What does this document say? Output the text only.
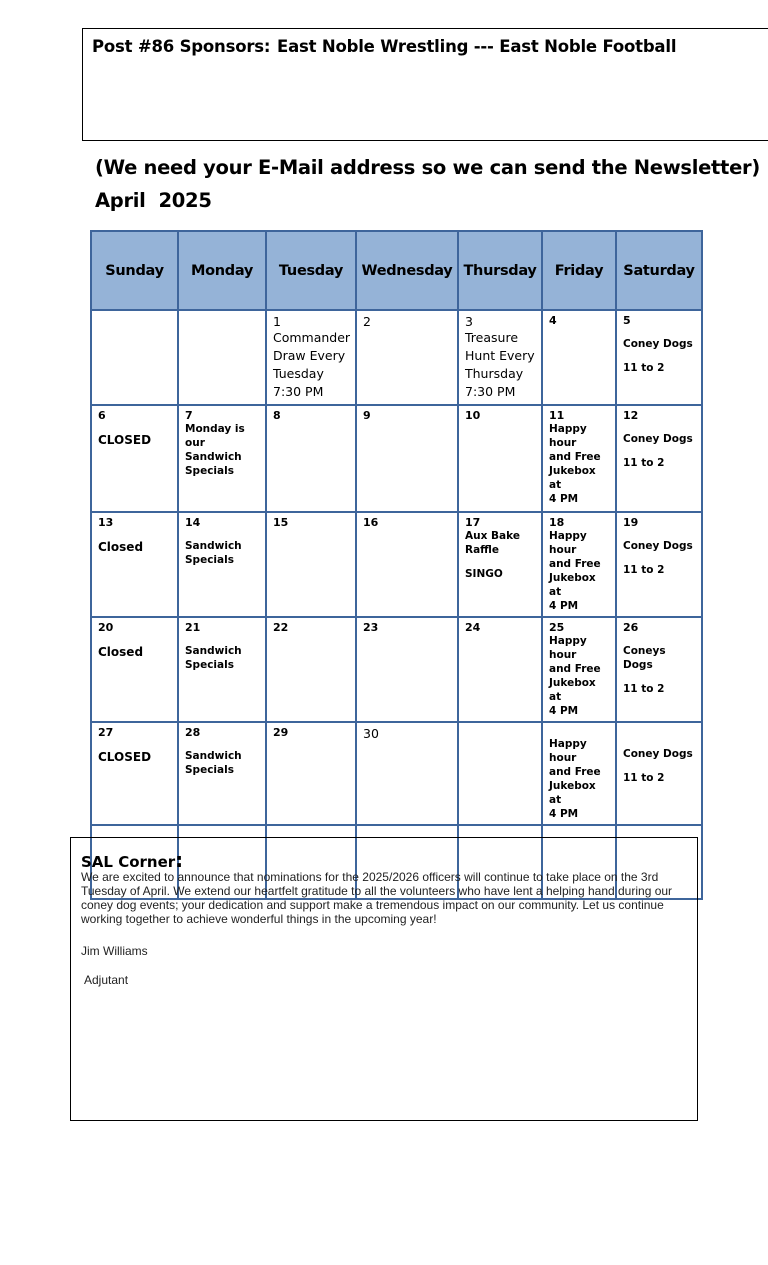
Post #86 Sponsors: East Noble Wrestling --- East Noble Football
(We need your E-Mail address so we can send the Newsletter)
April  2025
Sunday	Monday	Tuesday	Wednesday	Thursday	Friday	Saturday

		1
Commander
Draw Every
Tuesday
7:30 PM	2	3
Treasure
Hunt Every
Thursday
7:30 PM	4	5
Coney Dogs
11 to 2

6
CLOSED	7
Monday is
our Sandwich
Specials	8	9	10	11
Happy hour
and Free
Jukebox at
4 PM	12
Coney Dogs
11 to 2

13
Closed	14
Sandwich
Specials	15	16	17
Aux Bake
Raffle
SINGO	18
Happy hour
and Free
Jukebox at
4 PM	19
Coney Dogs
11 to 2

20
Closed	21
Sandwich
Specials	22	23	24	25
Happy hour
and Free
Jukebox at
4 PM	26
Coneys Dogs
11 to 2

27
CLOSED	28
Sandwich
Specials	29	30		Happy hour
and Free
Jukebox at
4 PM	Coney Dogs
11 to 2

SAL Corner:
We are excited to announce that nominations for the 2025/2026 officers will continue to take place on the 3rd Tuesday of April. We extend our heartfelt gratitude to all the volunteers who have lent a helping hand during our coney dog events; your dedication and support make a tremendous impact on our community. Let us continue working together to achieve wonderful things in the upcoming year!
Jim Williams
Adjutant
